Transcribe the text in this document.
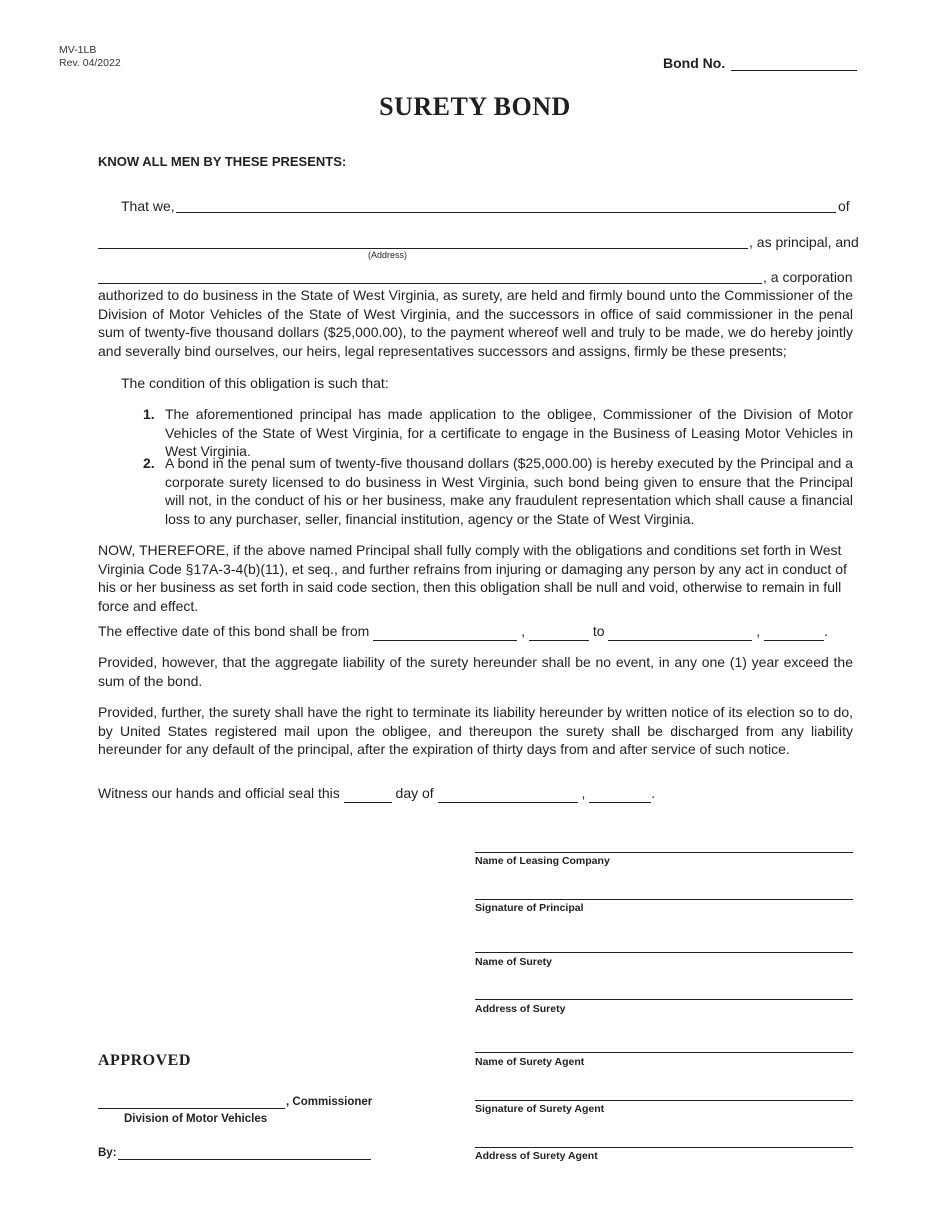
MV-1LB
Rev. 04/2022	Bond No.
SURETY BOND
KNOW ALL MEN BY THESE PRESENTS:
That we,	of
, as principal, and
(Address)
, a corporation
authorized to do business in the State of West Virginia, as surety, are held and firmly bound unto the Commissioner of the Division of Motor Vehicles of the State of West Virginia, and the successors in office of said commissioner in the penal sum of twenty-five thousand dollars ($25,000.00), to the payment whereof well and truly to be made, we do hereby jointly and severally bind ourselves, our heirs, legal representatives successors and assigns, firmly be these presents;
The condition of this obligation is such that:
1. The aforementioned principal has made application to the obligee, Commissioner of the Division of Motor Vehicles of the State of West Virginia, for a certificate to engage in the Business of Leasing Motor Vehicles in West Virginia.
2. A bond in the penal sum of twenty-five thousand dollars ($25,000.00) is hereby executed by the Principal and a corporate surety licensed to do business in West Virginia, such bond being given to ensure that the Principal will not, in the conduct of his or her business, make any fraudulent representation which shall cause a financial loss to any purchaser, seller, financial institution, agency or the State of West Virginia.
NOW, THEREFORE, if the above named Principal shall fully comply with the obligations and conditions set forth in West Virginia Code §17A-3-4(b)(11), et seq., and further refrains from injuring or damaging any person by any act in conduct of his or her business as set forth in said code section, then this obligation shall be null and void, otherwise to remain in full force and effect.
The effective date of this bond shall be from	,	to	,	.
Provided, however, that the aggregate liability of the surety hereunder shall be no event, in any one (1) year exceed the sum of the bond.
Provided, further, the surety shall have the right to terminate its liability hereunder by written notice of its election so to do, by United States registered mail upon the obligee, and thereupon the surety shall be discharged from any liability hereunder for any default of the principal, after the expiration of thirty days from and after service of such notice.
Witness our hands and official seal this	day of	,	.
Name of Leasing Company
Signature of Principal
Name of Surety
Address of Surety
Name of Surety Agent
Signature of Surety Agent
Address of Surety Agent
APPROVED
, Commissioner
Division of Motor Vehicles
By:
